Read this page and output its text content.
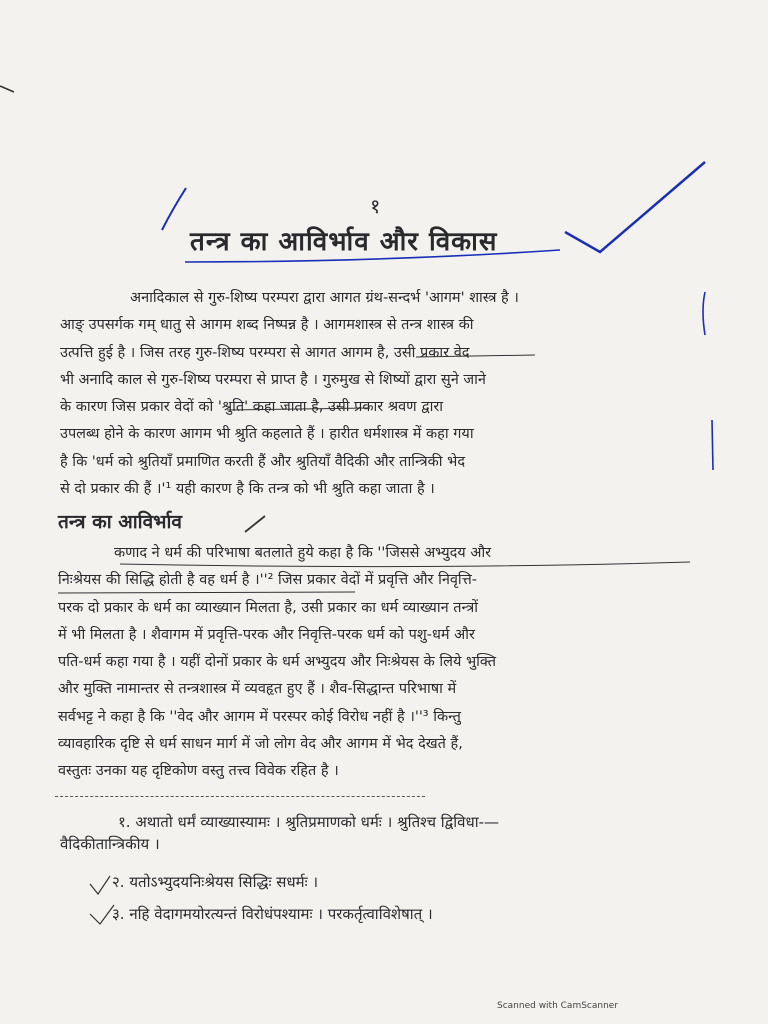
१
तन्त्र का आविर्भाव और विकास
अनादिकाल से गुरु-शिष्य परम्परा द्वारा आगत ग्रंथ-सन्दर्भ 'आगम' शास्त्र है ।
आङ् उपसर्गक गम् धातु से आगम शब्द निष्पन्न है । आगमशास्त्र से तन्त्र शास्त्र की
उत्पत्ति हुई है । जिस तरह गुरु-शिष्य परम्परा से आगत आगम है, उसी प्रकार वेद
भी अनादि काल से गुरु-शिष्य परम्परा से प्राप्त है । गुरुमुख से शिष्यों द्वारा सुने जाने
के कारण जिस प्रकार वेदों को 'श्रुति' कहा जाता है, उसी प्रकार श्रवण द्वारा
उपलब्ध होने के कारण आगम भी श्रुति कहलाते हैं । हारीत धर्मशास्त्र में कहा गया
है कि 'धर्म को श्रुतियाँ प्रमाणित करती हैं और श्रुतियाँ वैदिकी और तान्त्रिकी भेद
से दो प्रकार की हैं ।'¹ यही कारण है कि तन्त्र को भी श्रुति कहा जाता है ।
तन्त्र का आविर्भाव
कणाद ने धर्म की परिभाषा बतलाते हुये कहा है कि ''जिससे अभ्युदय और
निःश्रेयस की सिद्धि होती है वह धर्म है ।''² जिस प्रकार वेदों में प्रवृत्ति और निवृत्ति-
परक दो प्रकार के धर्म का व्याख्यान मिलता है, उसी प्रकार का धर्म व्याख्यान तन्त्रों
में भी मिलता है । शैवागम में प्रवृत्ति-परक और निवृत्ति-परक धर्म को पशु-धर्म और
पति-धर्म कहा गया है । यहीं दोनों प्रकार के धर्म अभ्युदय और निःश्रेयस के लिये भुक्ति
और मुक्ति नामान्तर से तन्त्रशास्त्र में व्यवहृत हुए हैं । शैव-सिद्धान्त परिभाषा में
सर्वभट्ट ने कहा है कि ''वेद और आगम में परस्पर कोई विरोध नहीं है ।''³ किन्तु
व्यावहारिक दृष्टि से धर्म साधन मार्ग में जो लोग वेद और आगम में भेद देखते हैं,
वस्तुतः उनका यह दृष्टिकोण वस्तु तत्त्व विवेक रहित है ।
१. अथातो धर्मं व्याख्यास्यामः । श्रुतिप्रमाणको धर्मः । श्रुतिश्च द्विविधा-—
वैदिकीतान्त्रिकीय ।
२. यतोऽभ्युदयनिःश्रेयस सिद्धिः सधर्मः ।
३. नहि वेदागमयोरत्यन्तं विरोधंपश्यामः । परकर्तृत्वाविशेषात् ।
Scanned with CamScanner
